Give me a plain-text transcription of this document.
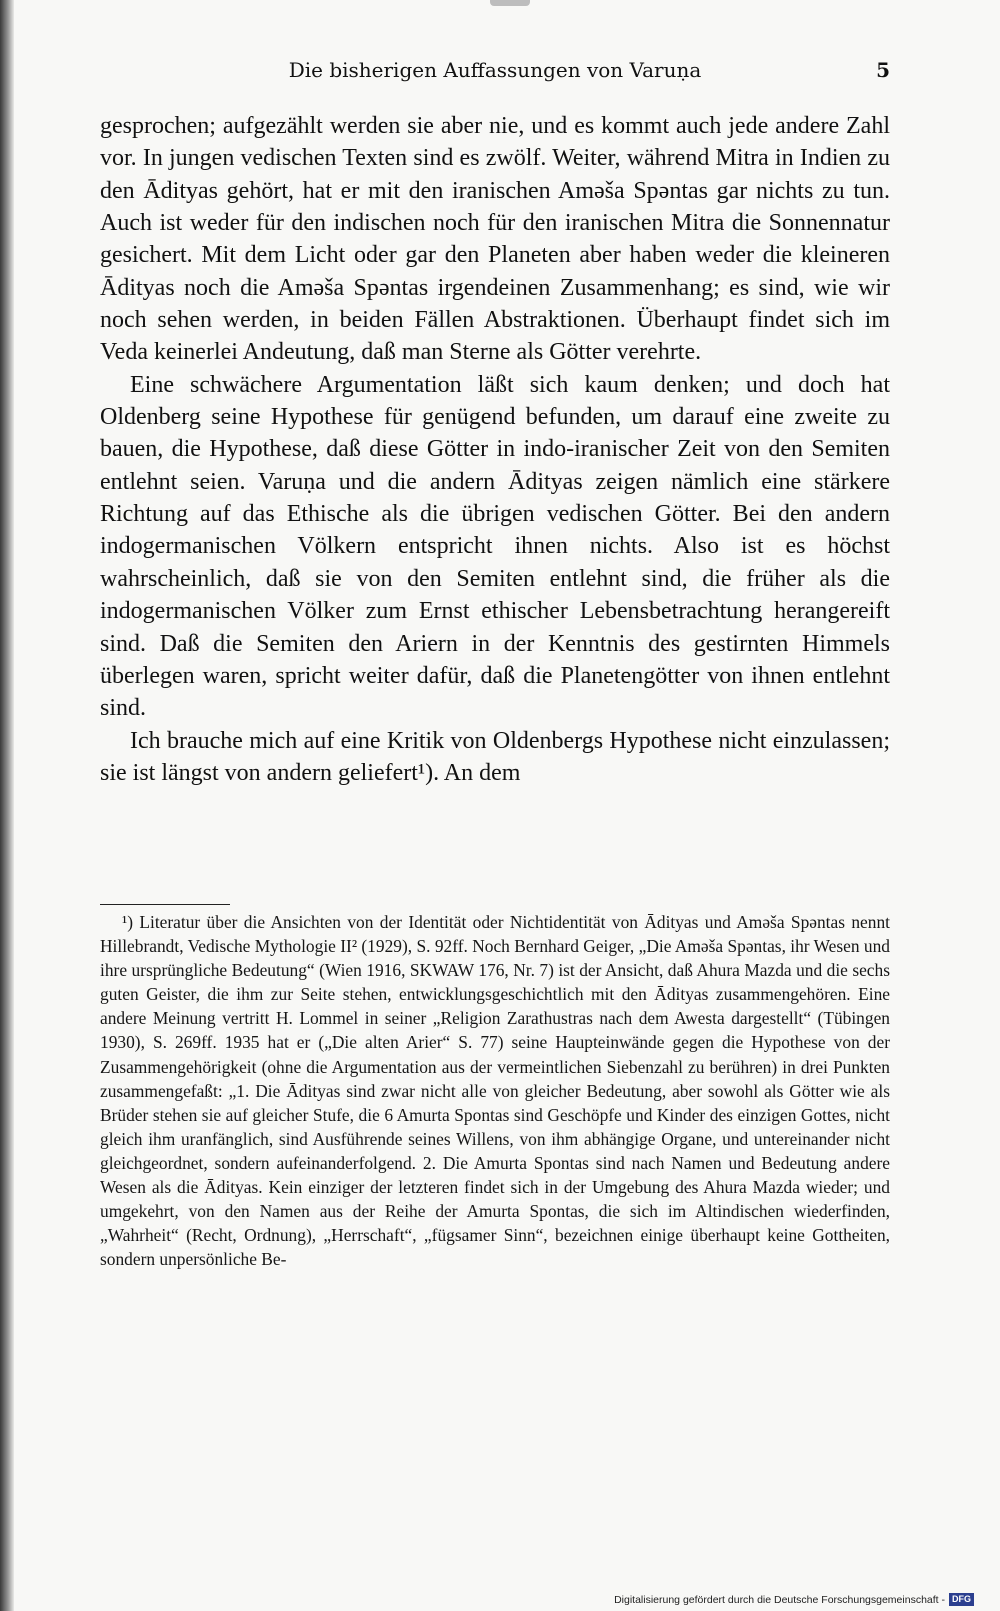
Die bisherigen Auffassungen von Varuṇa	5

gesprochen; aufgezählt werden sie aber nie, und es kommt auch jede andere Zahl vor. In jungen vedischen Texten sind es zwölf. Weiter, während Mitra in Indien zu den Ādityas gehört, hat er mit den iranischen Aməša Spəntas gar nichts zu tun. Auch ist weder für den indischen noch für den iranischen Mitra die Sonnennatur gesichert. Mit dem Licht oder gar den Planeten aber haben weder die kleineren Ādityas noch die Aməša Spəntas irgendeinen Zusammenhang; es sind, wie wir noch sehen werden, in beiden Fällen Abstraktionen. Überhaupt findet sich im Veda keinerlei Andeutung, daß man Sterne als Götter verehrte.

Eine schwächere Argumentation läßt sich kaum denken; und doch hat Oldenberg seine Hypothese für genügend befunden, um darauf eine zweite zu bauen, die Hypothese, daß diese Götter in indo-iranischer Zeit von den Semiten entlehnt seien. Varuṇa und die andern Ādityas zeigen nämlich eine stärkere Richtung auf das Ethische als die übrigen vedischen Götter. Bei den andern indogermanischen Völkern entspricht ihnen nichts. Also ist es höchst wahrscheinlich, daß sie von den Semiten entlehnt sind, die früher als die indogermanischen Völker zum Ernst ethischer Lebensbetrachtung herangereift sind. Daß die Semiten den Ariern in der Kenntnis des gestirnten Himmels überlegen waren, spricht weiter dafür, daß die Planetengötter von ihnen entlehnt sind.

Ich brauche mich auf eine Kritik von Oldenbergs Hypothese nicht einzulassen; sie ist längst von andern geliefert¹). An dem

¹) Literatur über die Ansichten von der Identität oder Nichtidentität von Ādityas und Aməša Spəntas nennt Hillebrandt, Vedische Mythologie II² (1929), S. 92ff. Noch Bernhard Geiger, „Die Aməša Spəntas, ihr Wesen und ihre ursprüngliche Bedeutung“ (Wien 1916, SKWAW 176, Nr. 7) ist der Ansicht, daß Ahura Mazda und die sechs guten Geister, die ihm zur Seite stehen, entwicklungsgeschichtlich mit den Ādityas zusammengehören. Eine andere Meinung vertritt H. Lommel in seiner „Religion Zarathustras nach dem Awesta dargestellt“ (Tübingen 1930), S. 269ff. 1935 hat er („Die alten Arier“ S. 77) seine Haupteinwände gegen die Hypothese von der Zusammengehörigkeit (ohne die Argumentation aus der vermeintlichen Siebenzahl zu berühren) in drei Punkten zusammengefaßt: „1. Die Ādityas sind zwar nicht alle von gleicher Bedeutung, aber sowohl als Götter wie als Brüder stehen sie auf gleicher Stufe, die 6 Amurta Spontas sind Geschöpfe und Kinder des einzigen Gottes, nicht gleich ihm uranfänglich, sind Ausführende seines Willens, von ihm abhängige Organe, und untereinander nicht gleichgeordnet, sondern aufeinanderfolgend. 2. Die Amurta Spontas sind nach Namen und Bedeutung andere Wesen als die Ādityas. Kein einziger der letzteren findet sich in der Umgebung des Ahura Mazda wieder; und umgekehrt, von den Namen aus der Reihe der Amurta Spontas, die sich im Altindischen wiederfinden, „Wahrheit“ (Recht, Ordnung), „Herrschaft“, „fügsamer Sinn“, bezeichnen einige überhaupt keine Gottheiten, sondern unpersönliche Be-

Digitalisierung gefördert durch die Deutsche Forschungsgemeinschaft - DFG
